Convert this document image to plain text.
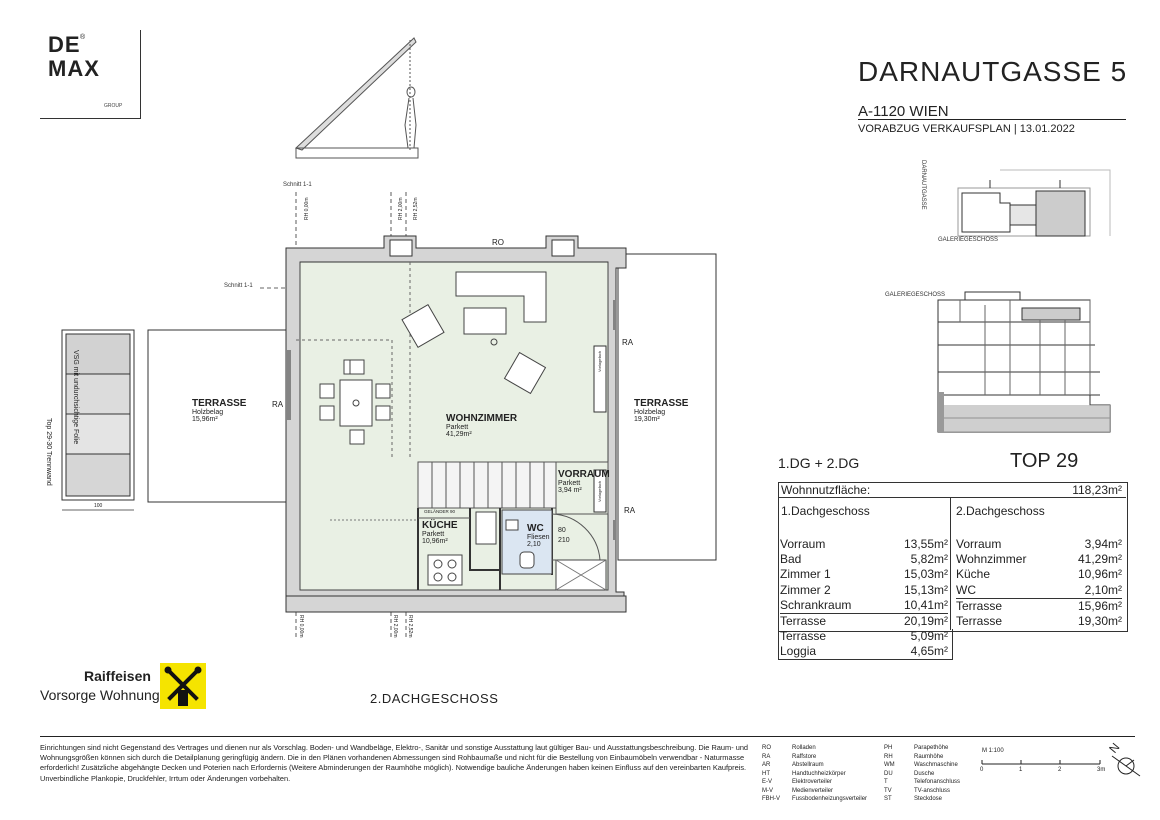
DE ®
MAX
GROUP
DARNAUTGASSE 5
A-1120 WIEN
VORABZUG VERKAUFSPLAN | 13.01.2022
DARNAUTGASSE
GALERIEGESCHOSS
GALERIEGESCHOSS
Schnitt 1-1
Schnitt 1-1
RO
RA
RA
RA
RH 0,00m	RH 2,00m RH 2,52m
RH 0,00m	RH 2,00m RH 2,52m
VSG mit undurchsichtige Folie
Top 29-30 Trennwand
100
GELÄNDER 90
TERRASSE
Holzbelag
15,96m²	WOHNZIMMER
Parkett
41,29m²
TERRASSE
Holzbelag
19,30m²
VORRAUM
Parkett
3,94 m²
KÜCHE
Parkett
10,96m²
WC
Fliesen
2,10
80
210
Vorlagefach
Vorlagefach
2.DACHGESCHOSS
1.DG + 2.DG	TOP 29
Wohnnutzfläche:	118,23m²
1.Dachgeschoss	2.Dachgeschoss
Vorraum	13,55m²
Bad	5,82m²
Zimmer 1	15,03m²
Zimmer 2	15,13m²
Schrankraum	10,41m²
Terrasse	20,19m²
Terrasse	5,09m²
Loggia	4,65m²
Vorraum	3,94m²
Wohnzimmer	41,29m²
Küche	10,96m²
WC	2,10m²
Terrasse	15,96m²
Terrasse	19,30m²
Raiffeisen
Vorsorge Wohnung
Einrichtungen sind nicht Gegenstand des Vertrages und dienen nur als Vorschlag. Boden- und Wandbeläge, Elektro-, Sanitär und sonstige Ausstattung laut gültiger Bau- und Ausstattungsbeschreibung. Die Raum- und Wohnungsgrößen können sich durch die Detailplanung geringfügig ändern. Die in den Plänen vorhandenen Abmessungen sind Rohbaumaße und nicht für die Bestellung von Einbaumöbeln verwendbar - Naturmasse erforderlich! Zusätzliche abgehängte Decken und Poterien nach Erfordernis (Weitere Abminderungen der Raumhöhe möglich). Notwendige bauliche Änderungen haben keinen Einfluss auf den vereinbarten Kaufpreis. Unverbindliche Plankopie, Druckfehler, Irrtum oder Änderungen vorbehalten.
RO	Rolladen
RA	Raffstore
AR	Abstellraum
HT	Handtuchheizkörper
E-V	Elektroverteiler
M-V	Medienverteiler
FBH-V Fussbodenheizungsverteiler
PH	Parapethöhe
RH	Raumhöhe
WM	Waschmaschine
DU	Dusche
T	Telefonanschluss
TV	TV-anschluss
ST	Steckdose
M 1:100
0	1	2	3m
N
